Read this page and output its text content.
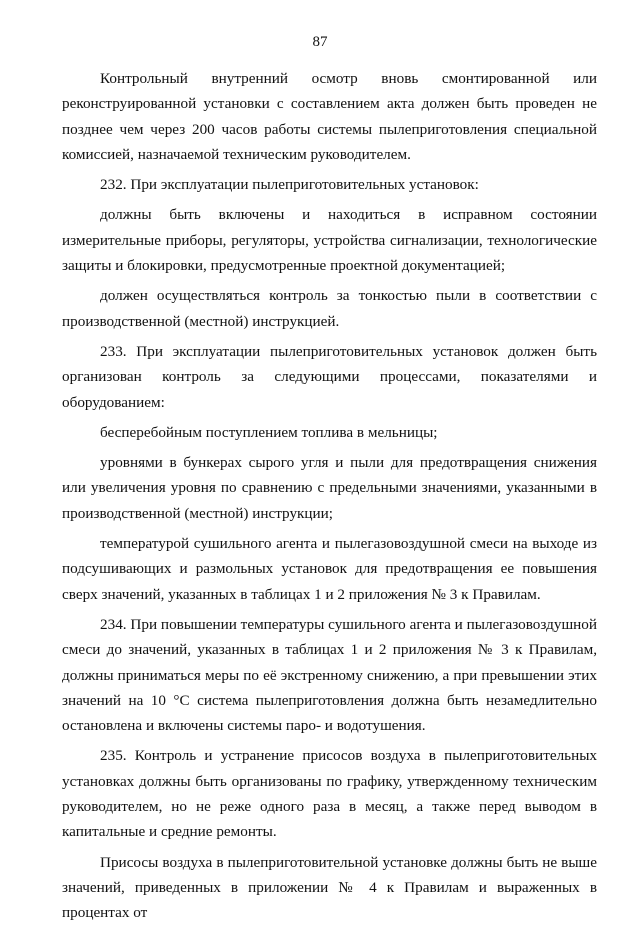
87

Контрольный внутренний осмотр вновь смонтированной или реконструированной установки с составлением акта должен быть проведен не позднее чем через 200 часов работы системы пылеприготовления специальной комиссией, назначаемой техническим руководителем.

232. При эксплуатации пылеприготовительных установок:

должны быть включены и находиться в исправном состоянии измерительные приборы, регуляторы, устройства сигнализации, технологические защиты и блокировки, предусмотренные проектной документацией;

должен осуществляться контроль за тонкостью пыли в соответствии с производственной (местной) инструкцией.

233. При эксплуатации пылеприготовительных установок должен быть организован контроль за следующими процессами, показателями и оборудованием:

бесперебойным поступлением топлива в мельницы;

уровнями в бункерах сырого угля и пыли для предотвращения снижения или увеличения уровня по сравнению с предельными значениями, указанными в производственной (местной) инструкции;

температурой сушильного агента и пылегазовоздушной смеси на выходе из подсушивающих и размольных установок для предотвращения ее повышения сверх значений, указанных в таблицах 1 и 2 приложения № 3 к Правилам.

234. При повышении температуры сушильного агента и пылегазовоздушной смеси до значений, указанных в таблицах 1 и 2 приложения № 3 к Правилам, должны приниматься меры по её экстренному снижению, а при превышении этих значений на 10 °С система пылеприготовления должна быть незамедлительно остановлена и включены системы паро- и водотушения.

235. Контроль и устранение присосов воздуха в пылеприготовительных установках должны быть организованы по графику, утвержденному техническим руководителем, но не реже одного раза в месяц, а также перед выводом в капитальные и средние ремонты.

Присосы воздуха в пылеприготовительной установке должны быть не выше значений, приведенных в приложении № 4 к Правилам и выраженных в процентах от
